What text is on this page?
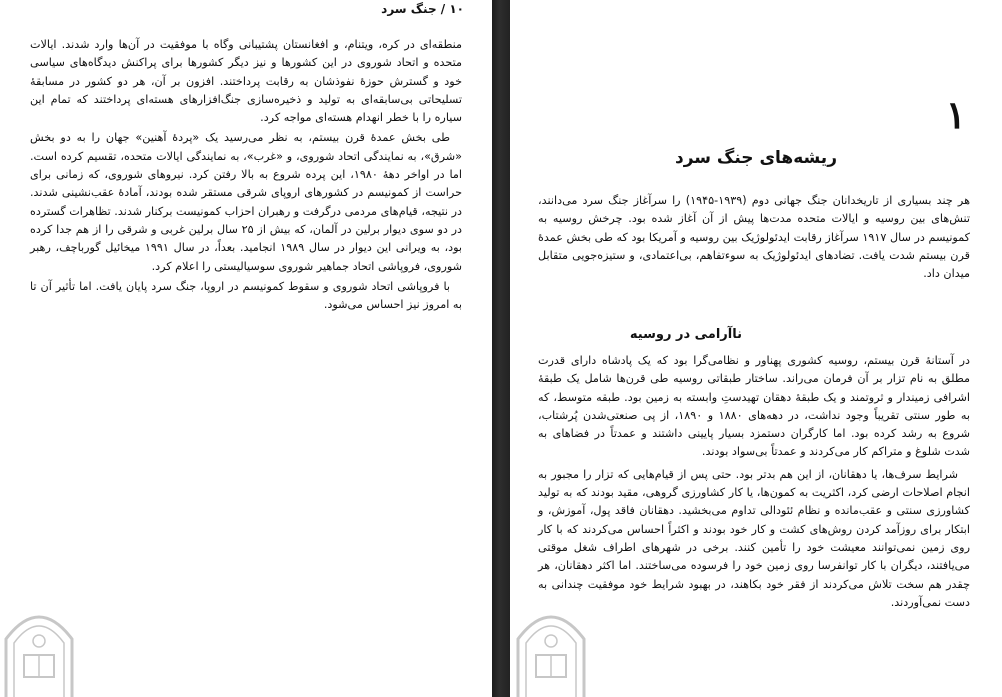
۱۰ / جنگ سرد

منطقه‌ای در کره، ویتنام، و افغانستان پشتیبانی وگاه با موفقیت در آن‌ها وارد شدند. ایالات متحده و اتحاد شوروی در این کشورها و نیز دیگر کشورها برای پراکنش دیدگاه‌های سیاسی خود و گسترش حوزهٔ نفوذشان به رقابت پرداختند. افزون بر آن، هر دو کشور در مسابقهٔ تسلیحاتی بی‌سابقه‌ای به تولید و ذخیره‌سازی جنگ‌افزارهای هسته‌ای پرداختند که تمام این سیاره را با خطر انهدام هسته‌ای مواجه کرد.

طی بخش عمدهٔ قرن بیستم، به نظر می‌رسید یک «پردهٔ آهنین» جهان را به دو بخش «شرق»، به نمایندگی اتحاد شوروی، و «غرب»، به نمایندگی ایالات متحده، تقسیم کرده است. اما در اواخر دههٔ ۱۹۸۰، این پرده شروع به بالا رفتن کرد. نیروهای شوروی، که زمانی برای حراست از کمونیسم در کشورهای اروپای شرقی مستقر شده بودند، آمادهٔ عقب‌نشینی شدند. در نتیجه، قیام‌های مردمی درگرفت و رهبران احزاب کمونیست برکنار شدند. تظاهرات گسترده در دو سوی دیوار برلین در آلمان، که بیش از ۲۵ سال برلین غربی و شرقی را از هم جدا کرده بود، به ویرانی این دیوار در سال ۱۹۸۹ انجامید. بعداً، در سال ۱۹۹۱ میخائیل گورباچف، رهبر شوروی، فروپاشی اتحاد جماهیر شوروی سوسیالیستی را اعلام کرد.

با فروپاشی اتحاد شوروی و سقوط کمونیسم در اروپا، جنگ سرد پایان یافت. اما تأثیر آن تا به امروز نیز احساس می‌شود.

۱
ریشه‌های جنگ سرد
هر چند بسیاری از تاریخدانان جنگ جهانی دوم (۱۹۳۹-۱۹۴۵) را سرآغاز جنگ سرد می‌دانند، تنش‌های بین روسیه و ایالات متحده مدت‌ها پیش از آن آغاز شده بود. چرخش روسیه به کمونیسم در سال ۱۹۱۷ سرآغاز رقابت ایدئولوژیک بین روسیه و آمریکا بود که طی بخش عمدهٔ قرن بیستم شدت یافت. تضادهای ایدئولوژیک به سوءتفاهم، بی‌اعتمادی، و ستیزه‌جویی متقابل میدان داد.
ناآرامی در روسیه

در آستانهٔ قرن بیستم، روسیه کشوری پهناور و نظامی‌گرا بود که یک پادشاه دارای قدرت مطلق به نام تزار بر آن فرمان می‌راند. ساختار طبقاتی روسیه طی قرن‌ها شامل یک طبقهٔ اشرافی زمیندار و ثروتمند و یک طبقهٔ دهقان تهیدستِ وابسته به زمین بود. طبقه متوسط، که به طور سنتی تقریباً وجود نداشت، در دهه‌های ۱۸۸۰ و ۱۸۹۰، از پی صنعتی‌شدن پُرشتاب، شروع به رشد کرده بود. اما کارگران دستمزد بسیار پایینی داشتند و عمدتاً در فضاهای به شدت شلوغ و متراکم کار می‌کردند و عمدتاً بی‌سواد بودند.

شرایط سرف‌ها، یا دهقانان، از این هم بدتر بود. حتی پس از قیام‌هایی که تزار را مجبور به انجام اصلاحات ارضی کرد، اکثریت به کمون‌ها، یا کار کشاورزی گروهی، مقید بودند که به تولید کشاورزی سنتی و عقب‌مانده و نظام ئئودالی تداوم می‌بخشید. دهقانان فاقد پول، آموزش، و ابتکار برای روزآمد کردن روش‌های کشت و کار خود بودند و اکثراً احساس می‌کردند که با کار روی زمین نمی‌توانند معیشت خود را تأمین کنند. برخی در شهرهای اطراف شغل موقتی می‌یافتند، دیگران با کار توانفرسا روی زمین خود را فرسوده می‌ساختند. اما اکثر دهقانان، هر چقدر هم سخت تلاش می‌کردند از فقر خود بکاهند، در بهبود شرایط خود موفقیت چندانی به دست نمی‌آوردند.
